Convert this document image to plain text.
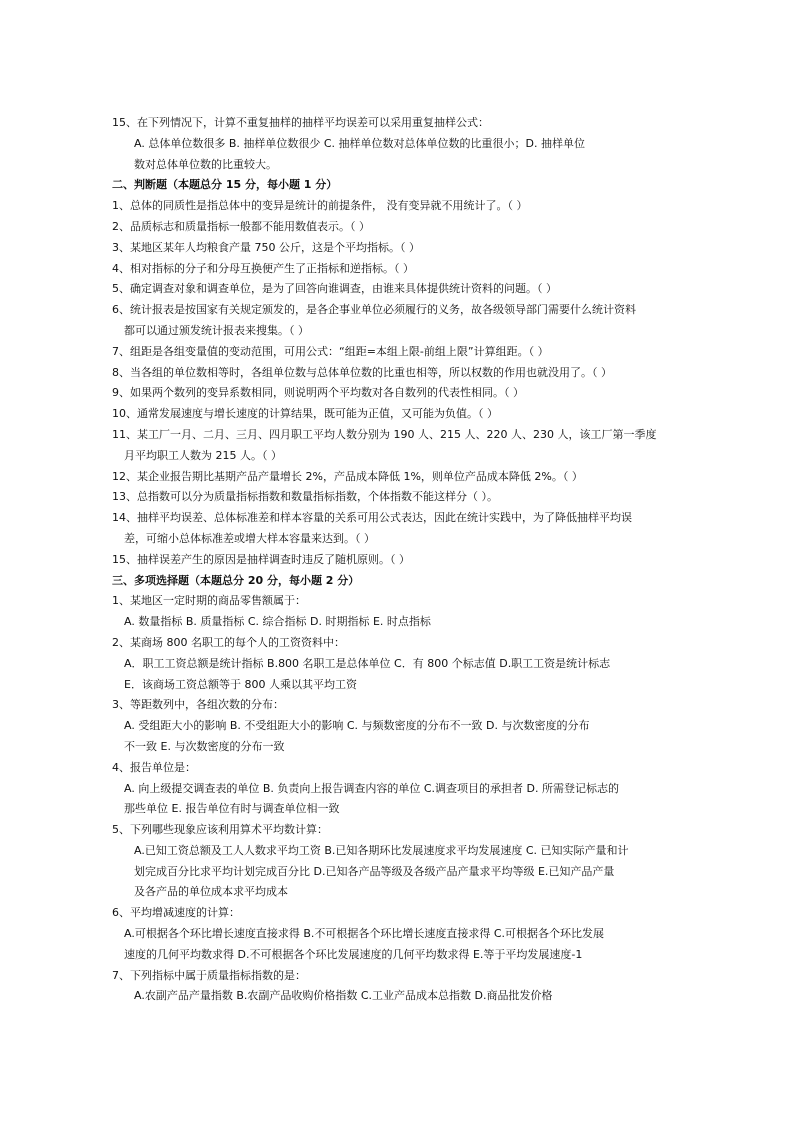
15、在下列情况下，计算不重复抽样的抽样平均误差可以采用重复抽样公式：
A. 总体单位数很多 B. 抽样单位数很少 C. 抽样单位数对总体单位数的比重很小；D. 抽样单位
数对总体单位数的比重较大。
二、判断题（本题总分 15 分，每小题 1 分）
1、总体的同质性是指总体中的变异是统计的前提条件， 没有变异就不用统计了。（ ）
2、品质标志和质量指标一般都不能用数值表示。（ ）
3、某地区某年人均粮食产量 750 公斤，这是个平均指标。（ ）
4、相对指标的分子和分母互换便产生了正指标和逆指标。（ ）
5、确定调查对象和调查单位，是为了回答向谁调查，由谁来具体提供统计资料的问题。（ ）
6、统计报表是按国家有关规定颁发的，是各企事业单位必须履行的义务，故各级领导部门需要什么统计资料
都可以通过颁发统计报表来搜集。（ ）
7、组距是各组变量值的变动范围，可用公式：“组距=本组上限-前组上限”计算组距。（ ）
8、当各组的单位数相等时，各组单位数与总体单位数的比重也相等，所以权数的作用也就没用了。（ ）
9、如果两个数列的变异系数相同，则说明两个平均数对各自数列的代表性相同。（ ）
10、通常发展速度与增长速度的计算结果，既可能为正值，又可能为负值。（ ）
11、某工厂一月、二月、三月、四月职工平均人数分别为 190 人、215 人、220 人、230 人，该工厂第一季度
月平均职工人数为 215 人。（ ）
12、某企业报告期比基期产品产量增长 2%，产品成本降低 1%，则单位产品成本降低 2%。（ ）
13、总指数可以分为质量指标指数和数量指标指数，个体指数不能这样分（ ）。
14、抽样平均误差、总体标准差和样本容量的关系可用公式表达，因此在统计实践中，为了降低抽样平均误
差，可缩小总体标准差或增大样本容量来达到。（ ）
15、抽样误差产生的原因是抽样调查时违反了随机原则。（ ）
三、多项选择题（本题总分 20 分，每小题 2 分）
1、某地区一定时期的商品零售额属于：
A. 数量指标 B. 质量指标 C. 综合指标 D. 时期指标 E. 时点指标
2、某商场 800 名职工的每个人的工资资料中：
A．职工工资总额是统计指标 B.800 名职工是总体单位 C．有 800 个标志值 D.职工工资是统计标志
E．该商场工资总额等于 800 人乘以其平均工资
3、等距数列中，各组次数的分布：
A. 受组距大小的影响 B. 不受组距大小的影响 C. 与频数密度的分布不一致 D. 与次数密度的分布
不一致 E. 与次数密度的分布一致
4、报告单位是：
A. 向上级提交调查表的单位 B. 负责向上报告调查内容的单位 C.调查项目的承担者 D. 所需登记标志的
那些单位 E. 报告单位有时与调查单位相一致
5、下列哪些现象应该利用算术平均数计算：
A.已知工资总额及工人人数求平均工资 B.已知各期环比发展速度求平均发展速度 C. 已知实际产量和计
划完成百分比求平均计划完成百分比 D.已知各产品等级及各级产品产量求平均等级 E.已知产品产量
及各产品的单位成本求平均成本
6、平均增减速度的计算：
A.可根据各个环比增长速度直接求得 B.不可根据各个环比增长速度直接求得 C.可根据各个环比发展
速度的几何平均数求得 D.不可根据各个环比发展速度的几何平均数求得 E.等于平均发展速度-1
7、下列指标中属于质量指标指数的是：
A.农副产品产量指数 B.农副产品收购价格指数 C.工业产品成本总指数 D.商品批发价格
